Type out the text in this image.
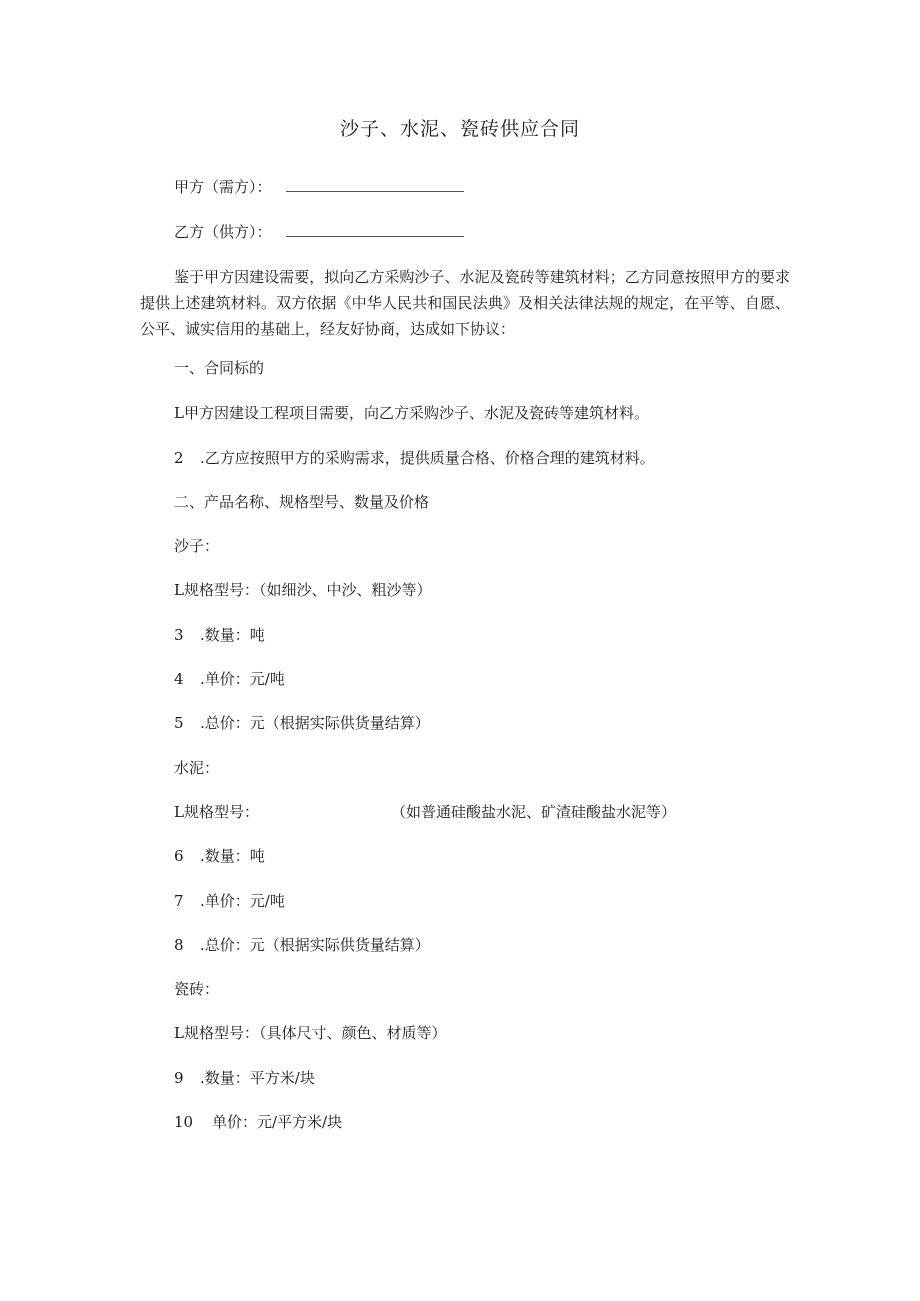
沙子、水泥、瓷砖供应合同
甲方（需方）：
乙方（供方）：
鉴于甲方因建设需要，拟向乙方采购沙子、水泥及瓷砖等建筑材料；乙方同意按照甲方的要求提供上述建筑材料。双方依据《中华人民共和国民法典》及相关法律法规的规定，在平等、自愿、公平、诚实信用的基础上，经友好协商，达成如下协议：
一、合同标的
L甲方因建设工程项目需要，向乙方采购沙子、水泥及瓷砖等建筑材料。
2 .乙方应按照甲方的采购需求，提供质量合格、价格合理的建筑材料。
二、产品名称、规格型号、数量及价格
沙子：
L规格型号：（如细沙、中沙、粗沙等）
3 .数量：吨
4 .单价：元/吨
5 .总价：元（根据实际供货量结算）
水泥：
L规格型号：	（如普通硅酸盐水泥、矿渣硅酸盐水泥等）
6 .数量：吨
7 .单价：元/吨
8 .总价：元（根据实际供货量结算）
瓷砖：
L规格型号：（具体尺寸、颜色、材质等）
9 .数量：平方米/块
10 单价：元/平方米/块
